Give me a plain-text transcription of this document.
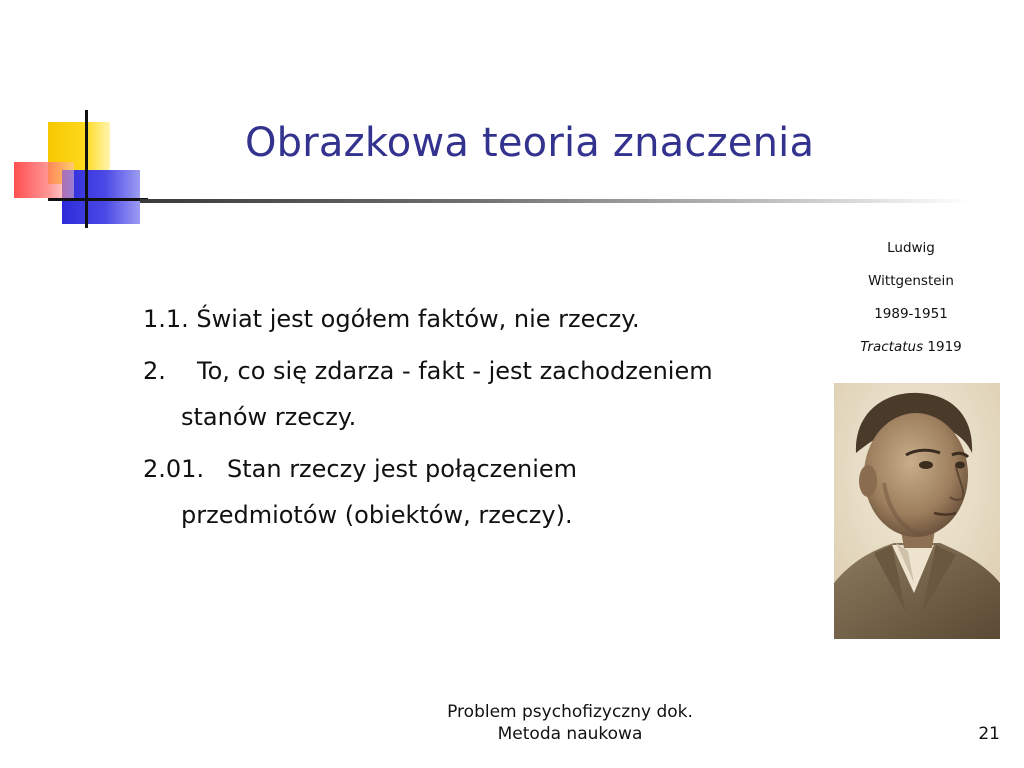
Obrazkowa teoria znaczenia
Ludwig
Wittgenstein
1989-1951
Tractatus 1919
1.1. Świat jest ogółem faktów, nie rzeczy.
2. To, co się zdarza - fakt - jest zachodzeniem
stanów rzeczy.
2.01. Stan rzeczy jest połączeniem
przedmiotów (obiektów, rzeczy).
Problem psychofizyczny dok.
Metoda naukowa	21
